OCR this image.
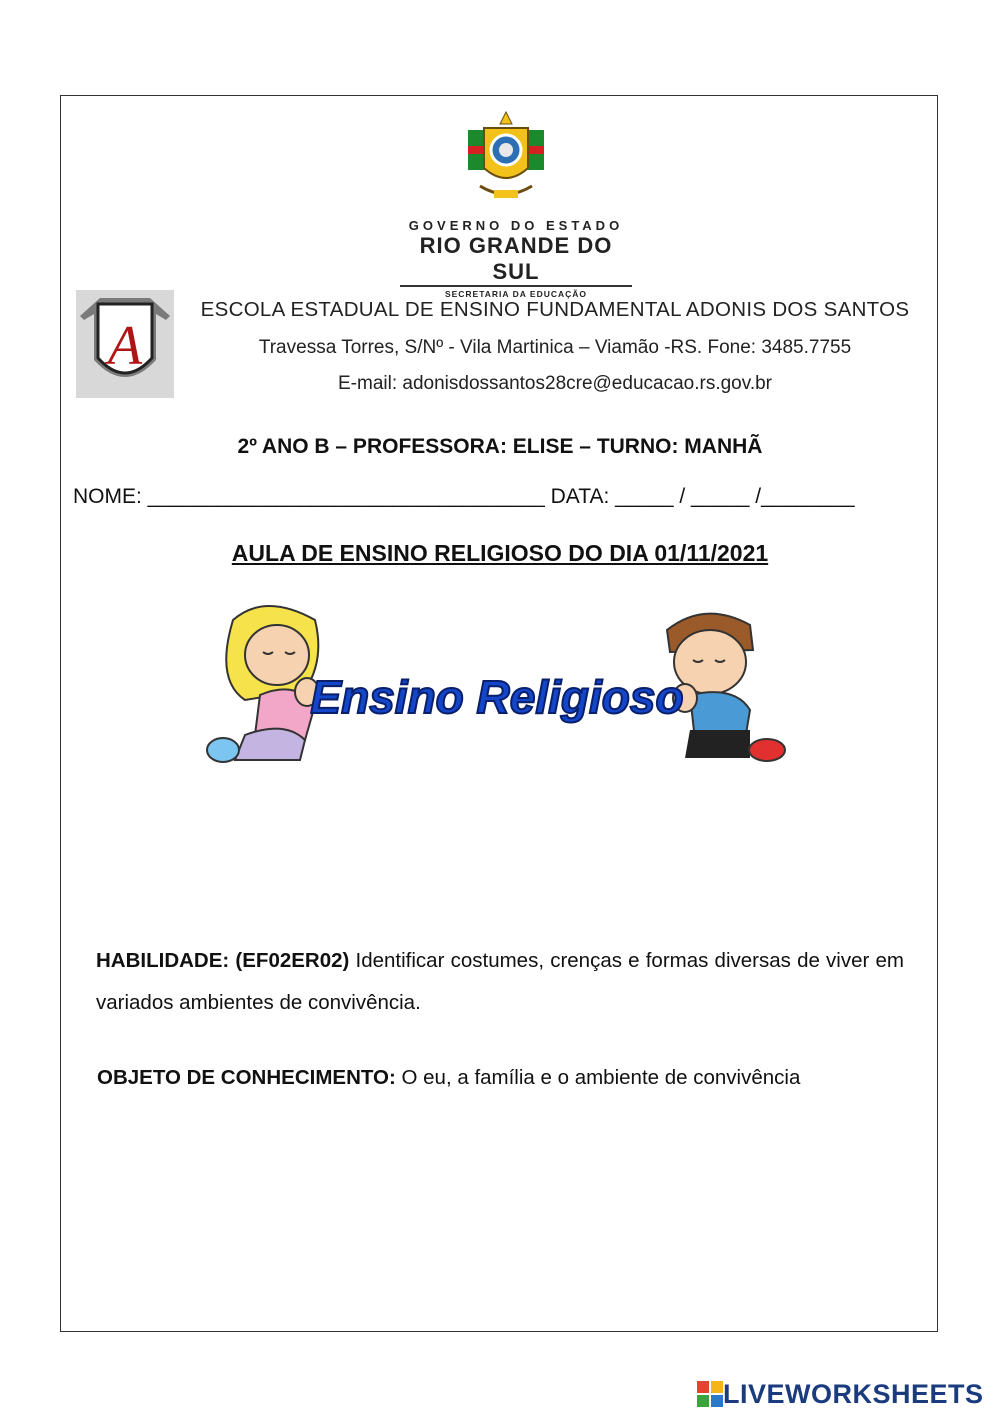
GOVERNO DO ESTADO
RIO GRANDE DO SUL
SECRETARIA DA EDUCAÇÃO
A
ESCOLA ESTADUAL DE ENSINO FUNDAMENTAL ADONIS DOS SANTOS
Travessa Torres, S/Nº - Vila Martinica – Viamão -RS. Fone: 3485.7755
E-mail: adonisdossantos28cre@educacao.rs.gov.br
2º ANO B – PROFESSORA: ELISE – TURNO: MANHÃ
NOME: __________________________________ DATA: _____ / _____ /________
AULA DE ENSINO RELIGIOSO DO DIA 01/11/2021
Ensino Religioso
HABILIDADE: (EF02ER02) Identificar costumes, crenças e formas diversas de viver em variados ambientes de convivência.
OBJETO DE CONHECIMENTO: O eu, a família e o ambiente de convivência
LIVEWORKSHEETS
